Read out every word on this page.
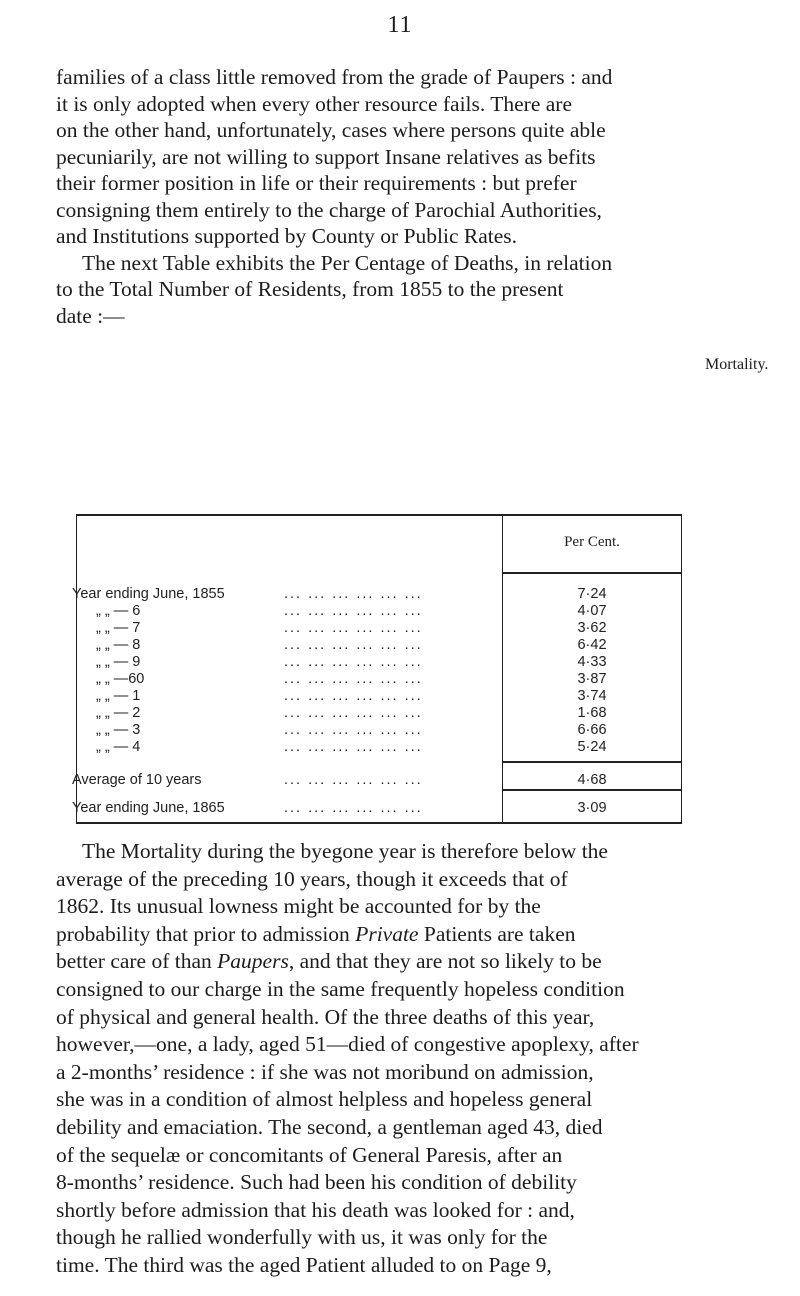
11
families of a class little removed from the grade of Paupers : and
it is only adopted when every other resource fails. There are
on the other hand, unfortunately, cases where persons quite able
pecuniarily, are not willing to support Insane relatives as befits
their former position in life or their requirements : but prefer
consigning them entirely to the charge of Parochial Authorities,
and Institutions supported by County or Public Rates.
The next Table exhibits the Per Centage of Deaths, in relation
to the Total Number of Residents, from 1855 to the present
date :—
Mortality.
Per Cent.
Year ending June, 1855	... ... ... ... ... ...	7·24
„ „ — 6	... ... ... ... ... ...	4·07
„ „ — 7	... ... ... ... ... ...	3·62
„ „ — 8	... ... ... ... ... ...	6·42
„ „ — 9	... ... ... ... ... ...	4·33
„ „ —60	... ... ... ... ... ...	3·87
„ „ — 1	... ... ... ... ... ...	3·74
„ „ — 2	... ... ... ... ... ...	1·68
„ „ — 3	... ... ... ... ... ...	6·66
„ „ — 4	... ... ... ... ... ...	5·24
Average of 10 years	... ... ... ... ... ...	4·68
Year ending June, 1865	... ... ... ... ... ...	3·09
The Mortality during the byegone year is therefore below the
average of the preceding 10 years, though it exceeds that of
1862. Its unusual lowness might be accounted for by the
probability that prior to admission Private Patients are taken
better care of than Paupers, and that they are not so likely to be
consigned to our charge in the same frequently hopeless condition
of physical and general health. Of the three deaths of this year,
however,—one, a lady, aged 51—died of congestive apoplexy, after
a 2-months’ residence : if she was not moribund on admission,
she was in a condition of almost helpless and hopeless general
debility and emaciation. The second, a gentleman aged 43, died
of the sequelæ or concomitants of General Paresis, after an
8-months’ residence. Such had been his condition of debility
shortly before admission that his death was looked for : and,
though he rallied wonderfully with us, it was only for the
time. The third was the aged Patient alluded to on Page 9,
